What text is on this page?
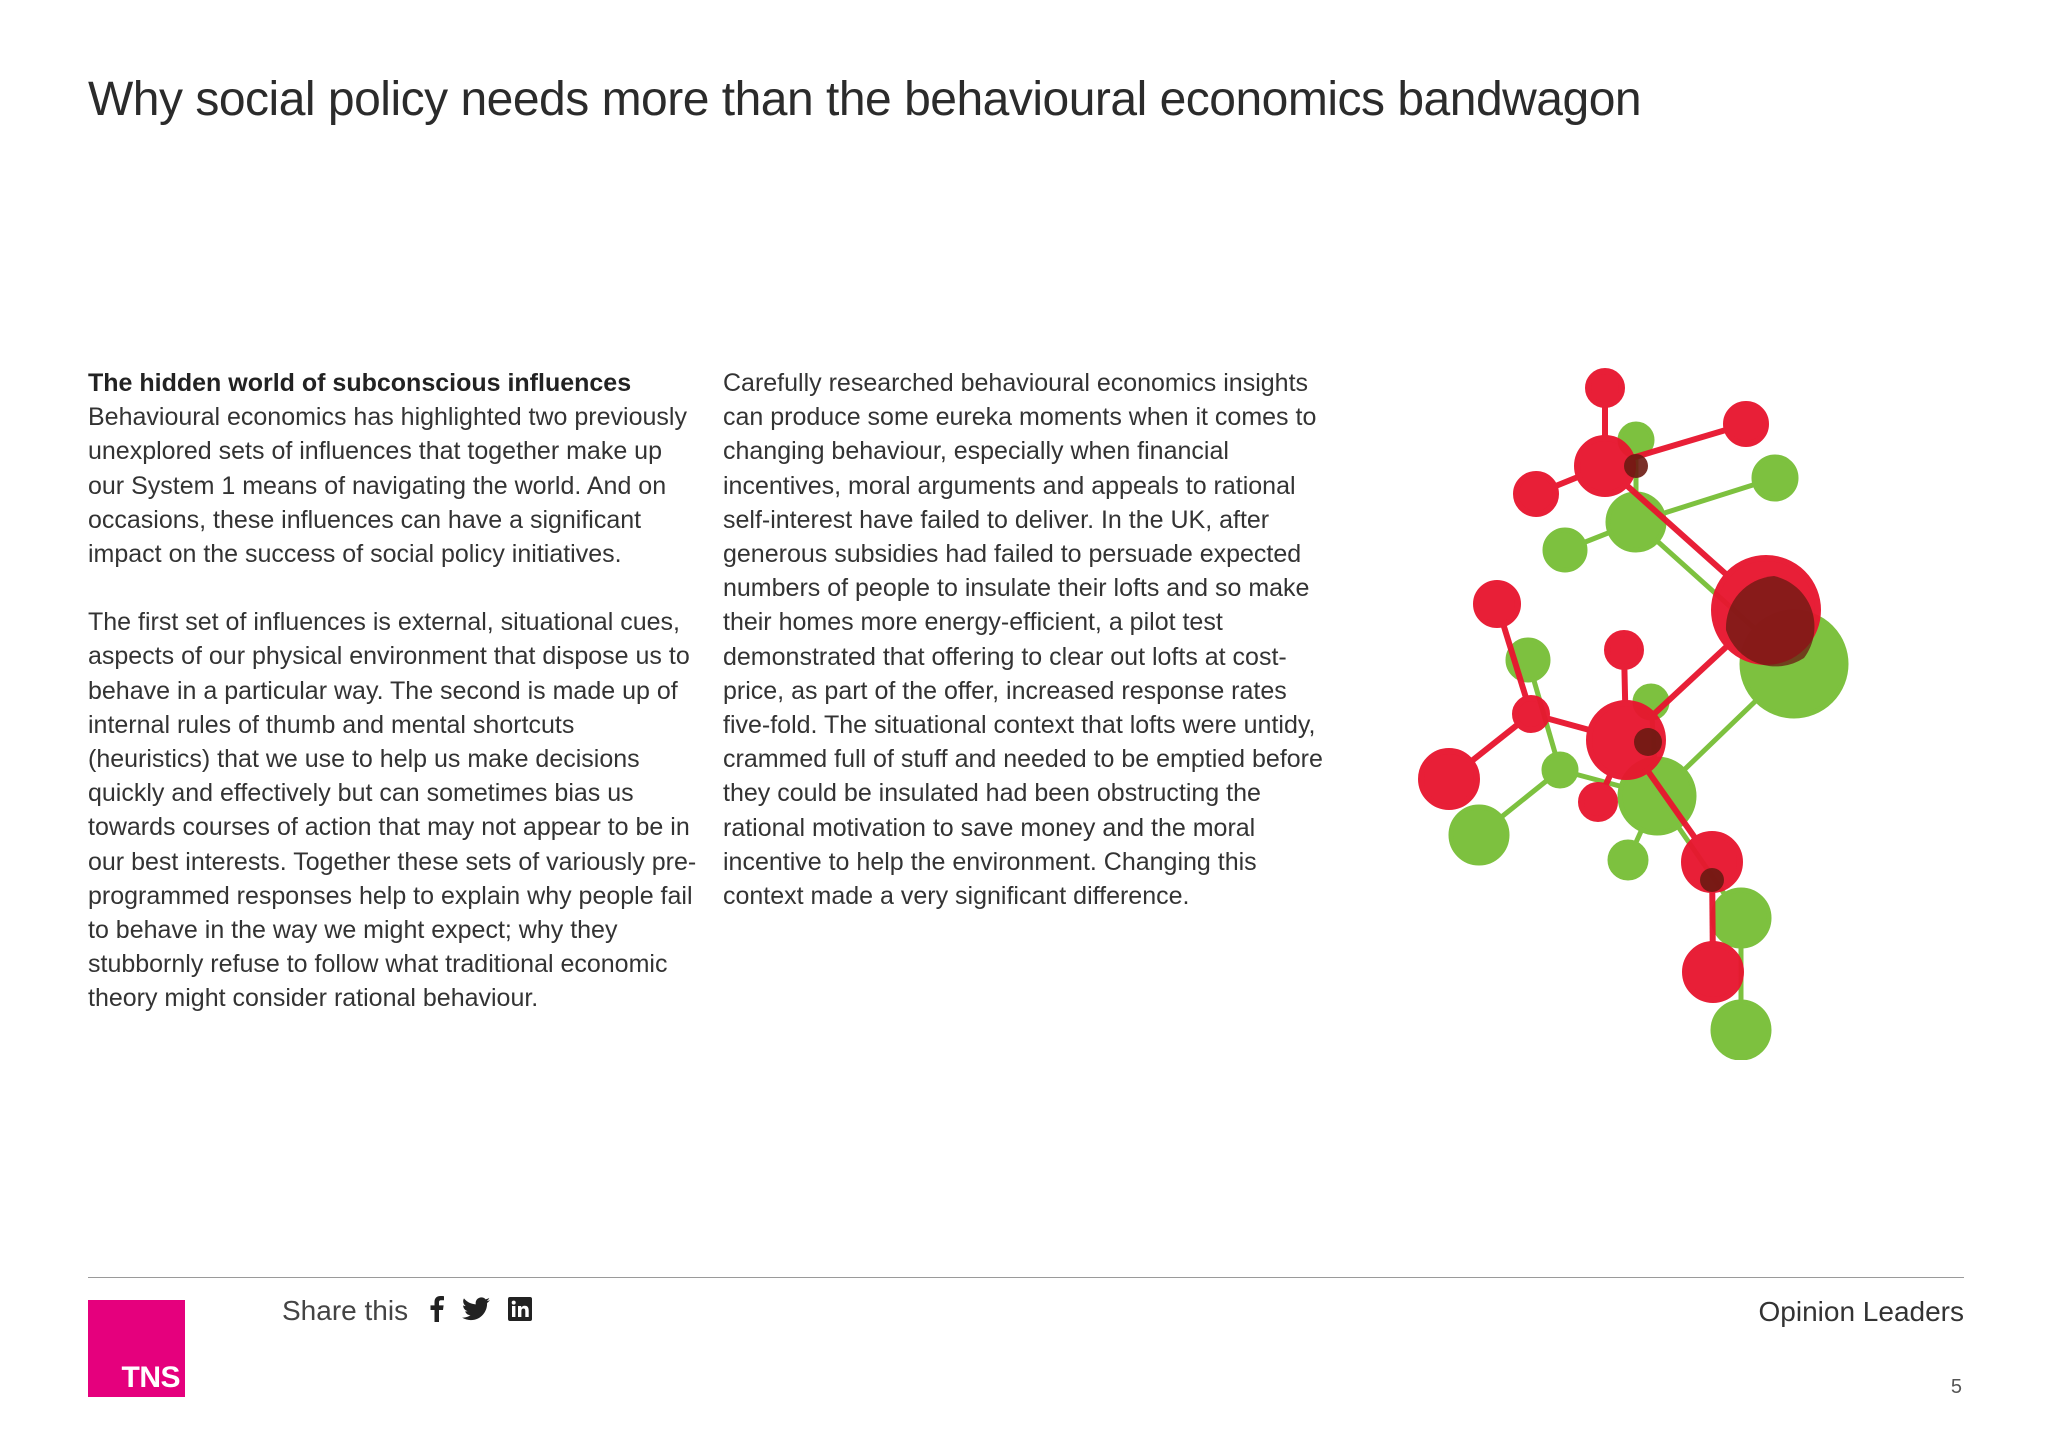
Why social policy needs more than the behavioural economics bandwagon

The hidden world of subconscious influences

Behavioural economics has highlighted two previously unexplored sets of influences that together make up our System 1 means of navigating the world. And on occasions, these influences can have a significant impact on the success of social policy initiatives.

The first set of influences is external, situational cues, aspects of our physical environment that dispose us to behave in a particular way. The second is made up of internal rules of thumb and mental shortcuts (heuristics) that we use to help us make decisions quickly and effectively but can sometimes bias us towards courses of action that may not appear to be in our best interests. Together these sets of variously pre-programmed responses help to explain why people fail to behave in the way we might expect; why they stubbornly refuse to follow what traditional economic theory might consider rational behaviour.

Carefully researched behavioural economics insights can produce some eureka moments when it comes to changing behaviour, especially when financial incentives, moral arguments and appeals to rational self-interest have failed to deliver. In the UK, after generous subsidies had failed to persuade expected numbers of people to insulate their lofts and so make their homes more energy-efficient, a pilot test demonstrated that offering to clear out lofts at cost-price, as part of the offer, increased response rates five-fold. The situational context that lofts were untidy, crammed full of stuff and needed to be emptied before they could be insulated had been obstructing the rational motivation to save money and the moral incentive to help the environment. Changing this context made a very significant difference.

TNS
Share this	Opinion Leaders
5
